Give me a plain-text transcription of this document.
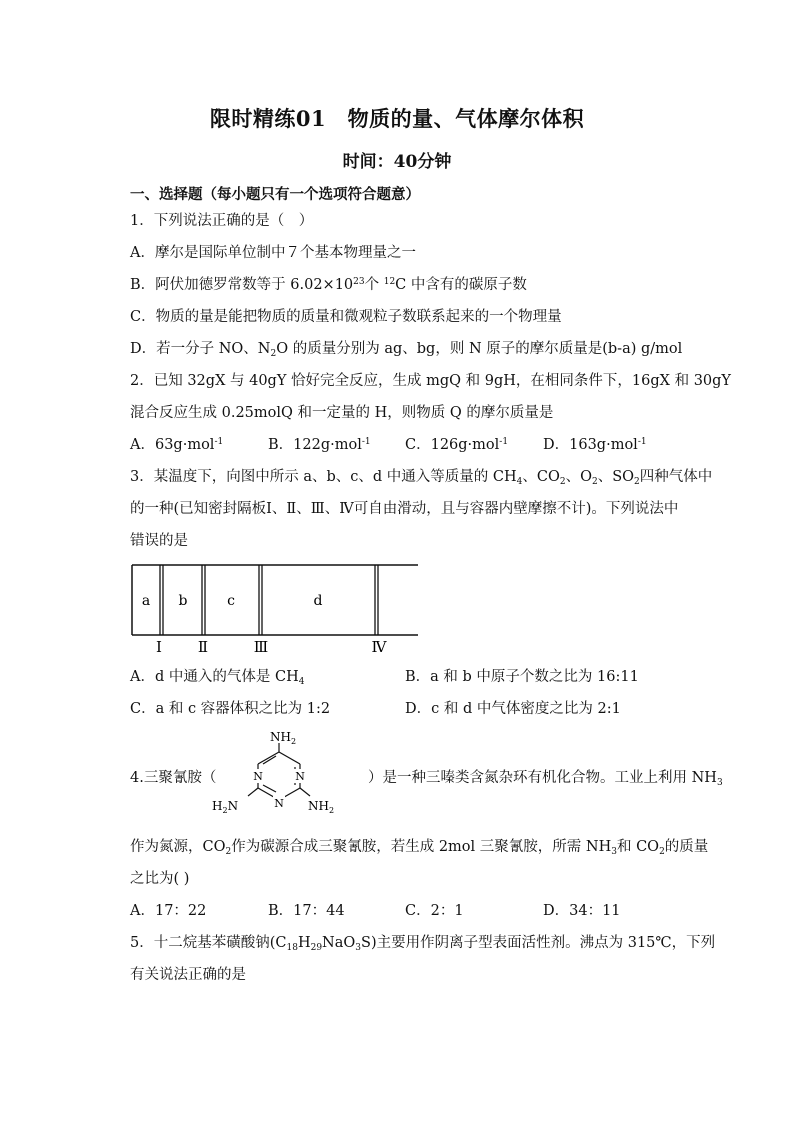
限时精练01　物质的量、气体摩尔体积
时间：40分钟
一、选择题（每小题只有一个选项符合题意）
1．下列说法正确的是（　）
A．摩尔是国际单位制中７个基本物理量之一
B．阿伏加德罗常数等于 $6.02\times 10^{23}$个 $^{12}$C 中含有的碳原子数
C．物质的量是能把物质的质量和微观粒子数联系起来的一个物理量
D．若一分子 NO、$N_2O$ 的质量分别为 ag、bg，则 N 原子的摩尔质量是(b-a) g/mol
2．已知 32gX 与 40gY 恰好完全反应，生成 mgQ 和 9gH，在相同条件下，16gX 和 30gY
混合反应生成 0.25molQ 和一定量的 H，则物质 Q 的摩尔质量是
A．63g·mol$^{-1}$	B．122g·mol$^{-1}$ C．126g·mol$^{-1}$ D．163g·mol$^{-1}$
3．某温度下，向图中所示 a、b、c、d 中通入等质量的 $CH_4$、$CO_2$、$O_2$、$SO_2$四种气体中
的一种(已知密封隔板Ⅰ、Ⅱ、Ⅲ、Ⅳ可自由滑动，且与容器内壁摩擦不计)。下列说法中
错误的是
a b	c	d
Ⅰ Ⅱ	Ⅲ	Ⅳ
A．d 中通入的气体是 $CH_4$	B．a 和 b 中原子个数之比为 16:11
C．a 和 c 容器体积之比为 1:2	D．c 和 d 中气体密度之比为 2:1
4.三聚氰胺（	N
N
N
$NH_2$
$H_2N$	$NH_2$
）是一种三嗪类含氮杂环有机化合物。工业上利用 $NH_3$
作为氮源，$CO_2$作为碳源合成三聚氰胺，若生成 2mol 三聚氰胺，所需 $NH_3$和 $CO_2$的质量
之比为( )
A．17：22	B．17：44	C．2：1	D．34：11
5．十二烷基苯磺酸钠$(C_{18}H_{29}NaO_3S)$主要用作阴离子型表面活性剂。沸点为 315℃，下列
有关说法正确的是
